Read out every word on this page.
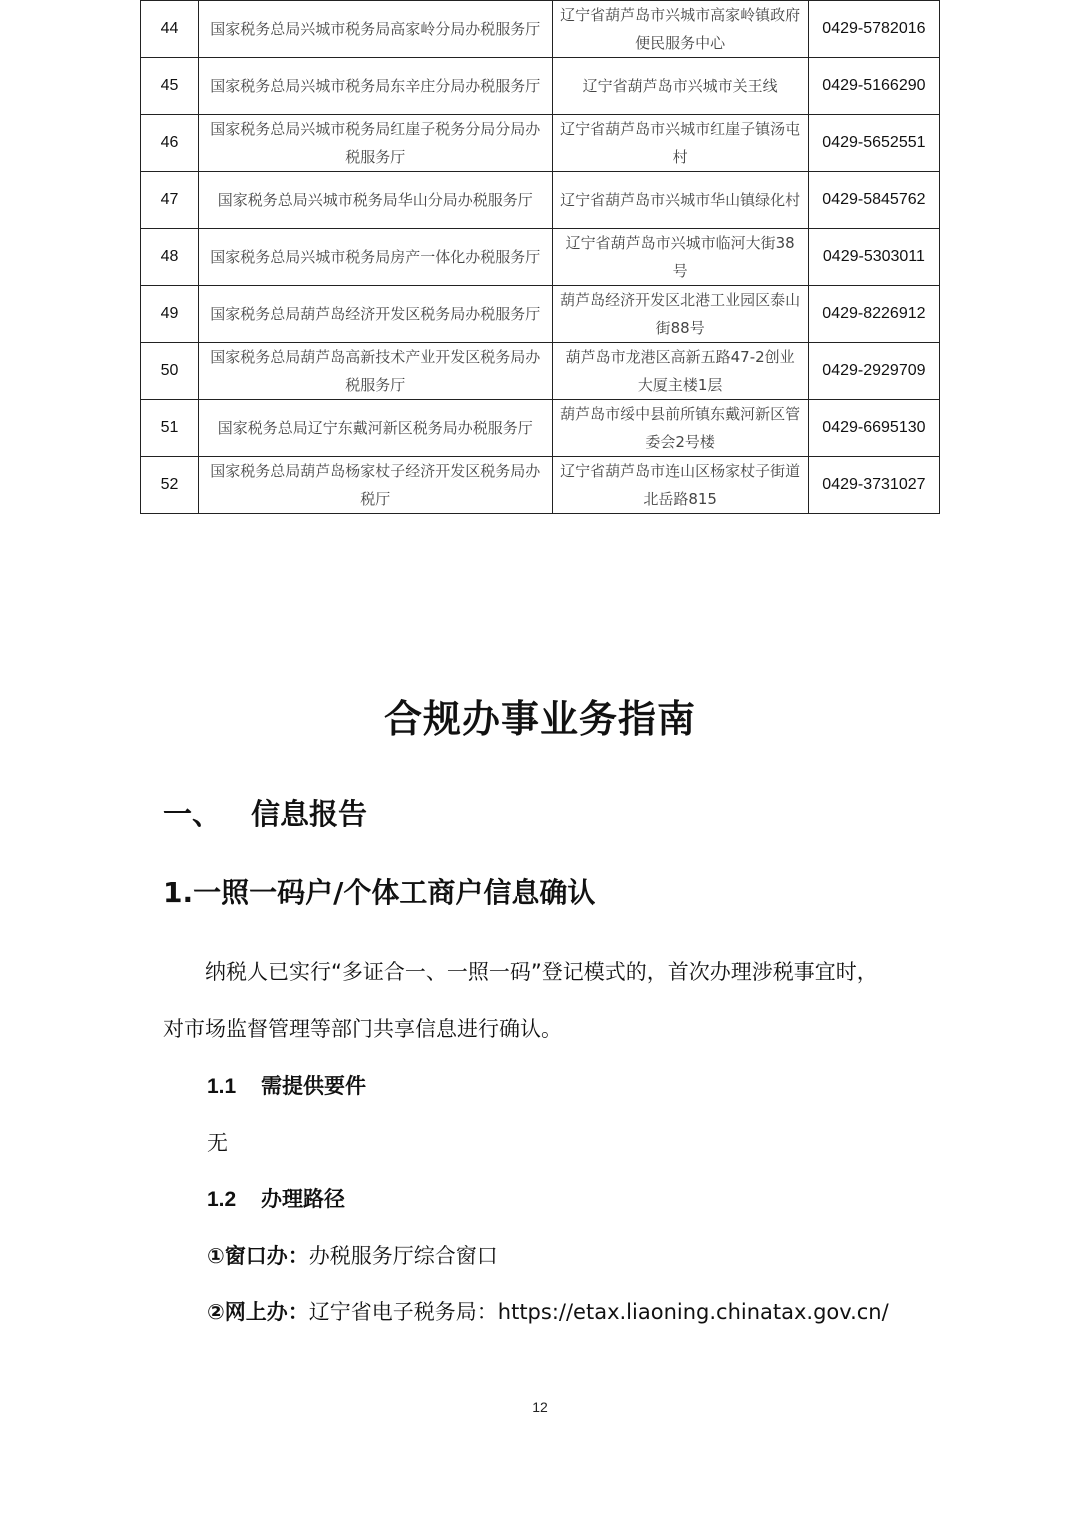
44	国家税务总局兴城市税务局高家岭分局办税服务厅	辽宁省葫芦岛市兴城市高家岭镇政府便民服务中心	0429-5782016
45	国家税务总局兴城市税务局东辛庄分局办税服务厅	辽宁省葫芦岛市兴城市关王线	0429-5166290
46	国家税务总局兴城市税务局红崖子税务分局分局办税服务厅	辽宁省葫芦岛市兴城市红崖子镇汤屯村	0429-5652551
47	国家税务总局兴城市税务局华山分局办税服务厅	辽宁省葫芦岛市兴城市华山镇绿化村	0429-5845762
48	国家税务总局兴城市税务局房产一体化办税服务厅	辽宁省葫芦岛市兴城市临河大街38号	0429-5303011
49	国家税务总局葫芦岛经济开发区税务局办税服务厅	葫芦岛经济开发区北港工业园区泰山街88号	0429-8226912
50	国家税务总局葫芦岛高新技术产业开发区税务局办税服务厅	葫芦岛市龙港区高新五路47-2创业大厦主楼1层	0429-2929709
51	国家税务总局辽宁东戴河新区税务局办税服务厅	葫芦岛市绥中县前所镇东戴河新区管委会2号楼	0429-6695130
52	国家税务总局葫芦岛杨家杖子经济开发区税务局办税厅	辽宁省葫芦岛市连山区杨家杖子街道北岳路815	0429-3731027
合规办事业务指南
一、 信息报告
1.一照一码户/个体工商户信息确认
纳税人已实行“多证合一、一照一码”登记模式的，首次办理涉税事宜时，
对市场监督管理等部门共享信息进行确认。
1.1 需提供要件
无
1.2 办理路径
①窗口办：办税服务厅综合窗口
②网上办：辽宁省电子税务局：https://etax.liaoning.chinatax.gov.cn/
12
